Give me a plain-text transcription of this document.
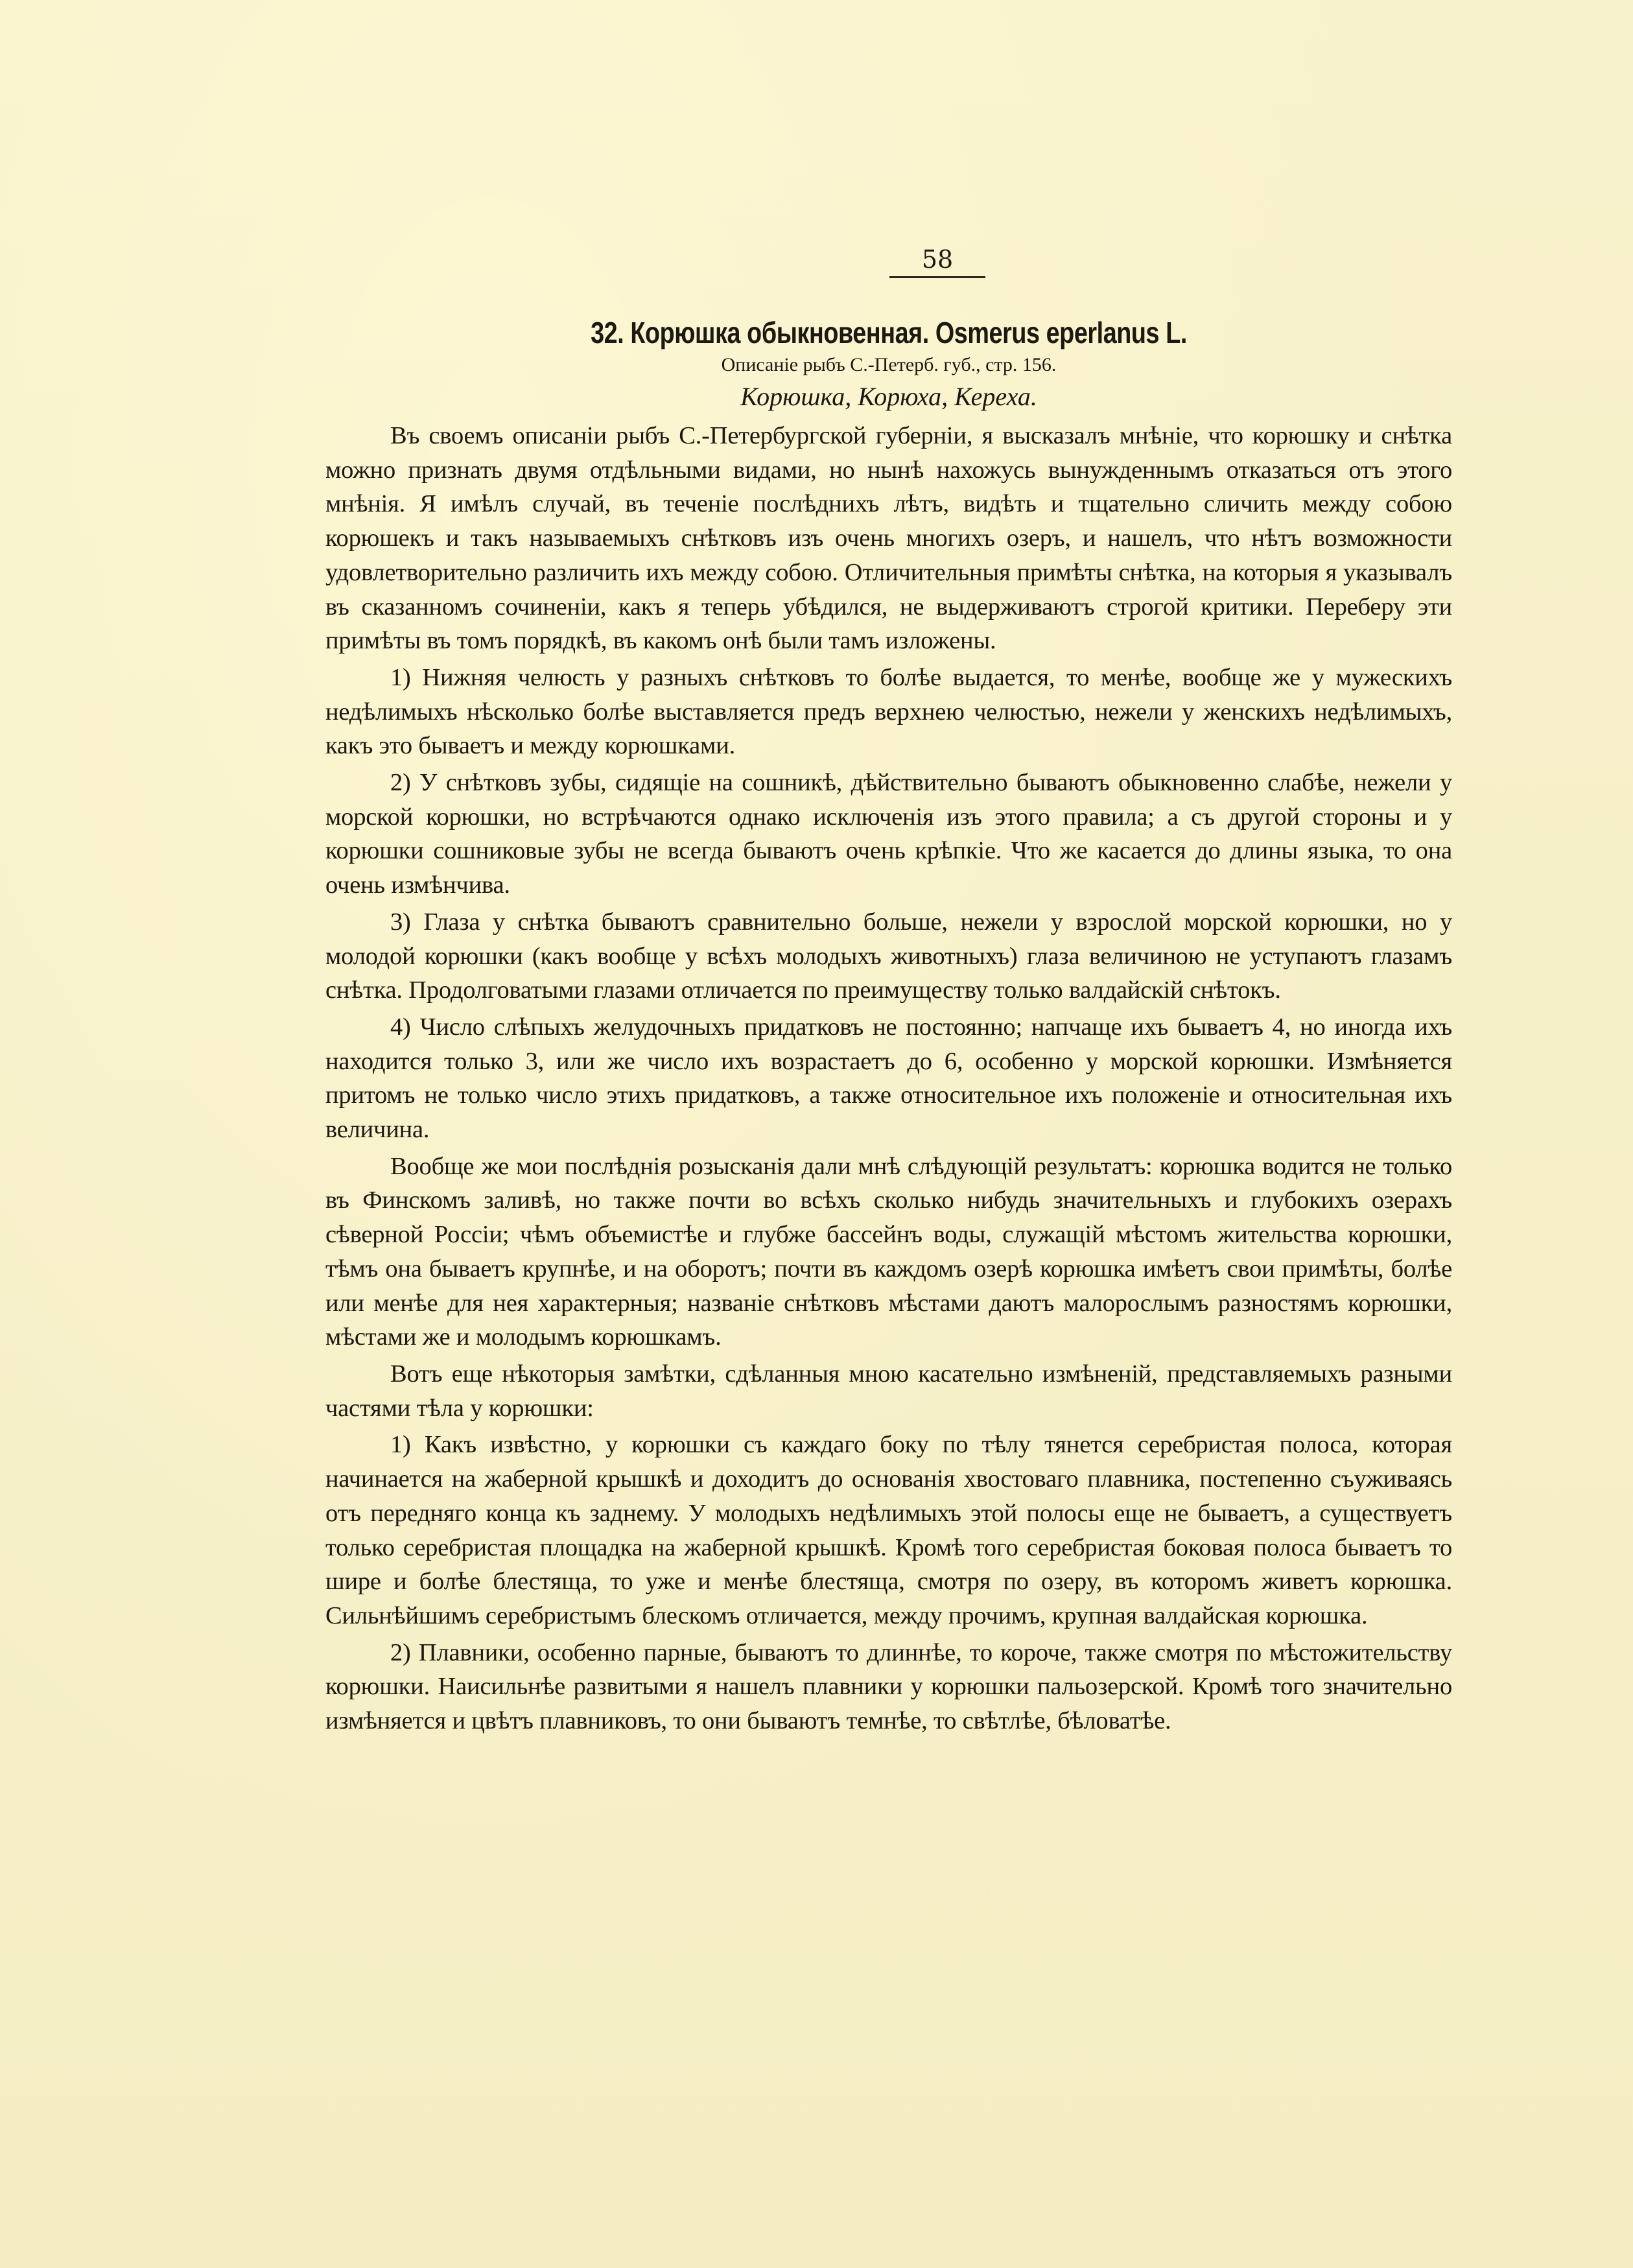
58
32. Корюшка обыкновенная. Osmerus eperlanus L.

Описаніе рыбъ С.-Петерб. губ., стр. 156.

Корюшка, Корюха, Кереха.

Въ своемъ описаніи рыбъ С.-Петербургской губерніи, я высказалъ мнѣніе, что корюшку и снѣтка можно признать двумя отдѣльными видами, но нынѣ нахожусь вынужденнымъ отказаться отъ этого мнѣнія. Я имѣлъ случай, въ теченіе послѣднихъ лѣтъ, видѣть и тщательно сличить между собою корюшекъ и такъ называемыхъ снѣтковъ изъ очень многихъ озеръ, и нашелъ, что нѣтъ возможности удовлетворительно различить ихъ между собою. Отличительныя примѣты снѣтка, на которыя я указывалъ въ сказанномъ сочиненіи, какъ я теперь убѣдился, не выдерживаютъ строгой критики. Переберу эти примѣты въ томъ порядкѣ, въ какомъ онѣ были тамъ изложены.

1) Нижняя челюсть у разныхъ снѣтковъ то болѣе выдается, то менѣе, вообще же у мужескихъ недѣлимыхъ нѣсколько болѣе выставляется предъ верхнею челюстью, нежели у женскихъ недѣлимыхъ, какъ это бываетъ и между корюшками.

2) У снѣтковъ зубы, сидящіе на сошникѣ, дѣйствительно бываютъ обыкновенно слабѣе, нежели у морской корюшки, но встрѣчаются однако исключенія изъ этого правила; а съ другой стороны и у корюшки сошниковые зубы не всегда бываютъ очень крѣпкіе. Что же касается до длины языка, то она очень измѣнчива.

3) Глаза у снѣтка бываютъ сравнительно больше, нежели у взрослой морской корюшки, но у молодой корюшки (какъ вообще у всѣхъ молодыхъ животныхъ) глаза величиною не уступаютъ глазамъ снѣтка. Продолговатыми глазами отличается по преимуществу только валдайскій снѣтокъ.

4) Число слѣпыхъ желудочныхъ придатковъ не постоянно; напчаще ихъ бываетъ 4, но иногда ихъ находится только 3, или же число ихъ возрастаетъ до 6, особенно у морской корюшки. Измѣняется притомъ не только число этихъ придатковъ, а также относительное ихъ положеніе и относительная ихъ величина.

Вообще же мои послѣднія розысканія дали мнѣ слѣдующій результатъ: корюшка водится не только въ Финскомъ заливѣ, но также почти во всѣхъ сколько нибудь значительныхъ и глубокихъ озерахъ сѣверной Россіи; чѣмъ объемистѣе и глубже бассейнъ воды, служащій мѣстомъ жительства корюшки, тѣмъ она бываетъ крупнѣе, и на оборотъ; почти въ каждомъ озерѣ корюшка имѣетъ свои примѣты, болѣе или менѣе для нея характерныя; названіе снѣтковъ мѣстами даютъ малорослымъ разностямъ корюшки, мѣстами же и молодымъ корюшкамъ.

Вотъ еще нѣкоторыя замѣтки, сдѣланныя мною касательно измѣненій, представляемыхъ разными частями тѣла у корюшки:

1) Какъ извѣстно, у корюшки съ каждаго боку по тѣлу тянется серебристая полоса, которая начинается на жаберной крышкѣ и доходитъ до основанія хвостоваго плавника, постепенно съуживаясь отъ передняго конца къ заднему. У молодыхъ недѣлимыхъ этой полосы еще не бываетъ, а существуетъ только серебристая площадка на жаберной крышкѣ. Кромѣ того серебристая боковая полоса бываетъ то шире и болѣе блестяща, то уже и менѣе блестяща, смотря по озеру, въ которомъ живетъ корюшка. Сильнѣйшимъ серебристымъ блескомъ отличается, между прочимъ, крупная валдайская корюшка.

2) Плавники, особенно парные, бываютъ то длиннѣе, то короче, также смотря по мѣстожительству корюшки. Наисильнѣе развитыми я нашелъ плавники у корюшки пальозерской. Кромѣ того значительно измѣняется и цвѣтъ плавниковъ, то они бываютъ темнѣе, то свѣтлѣе, бѣловатѣе.
